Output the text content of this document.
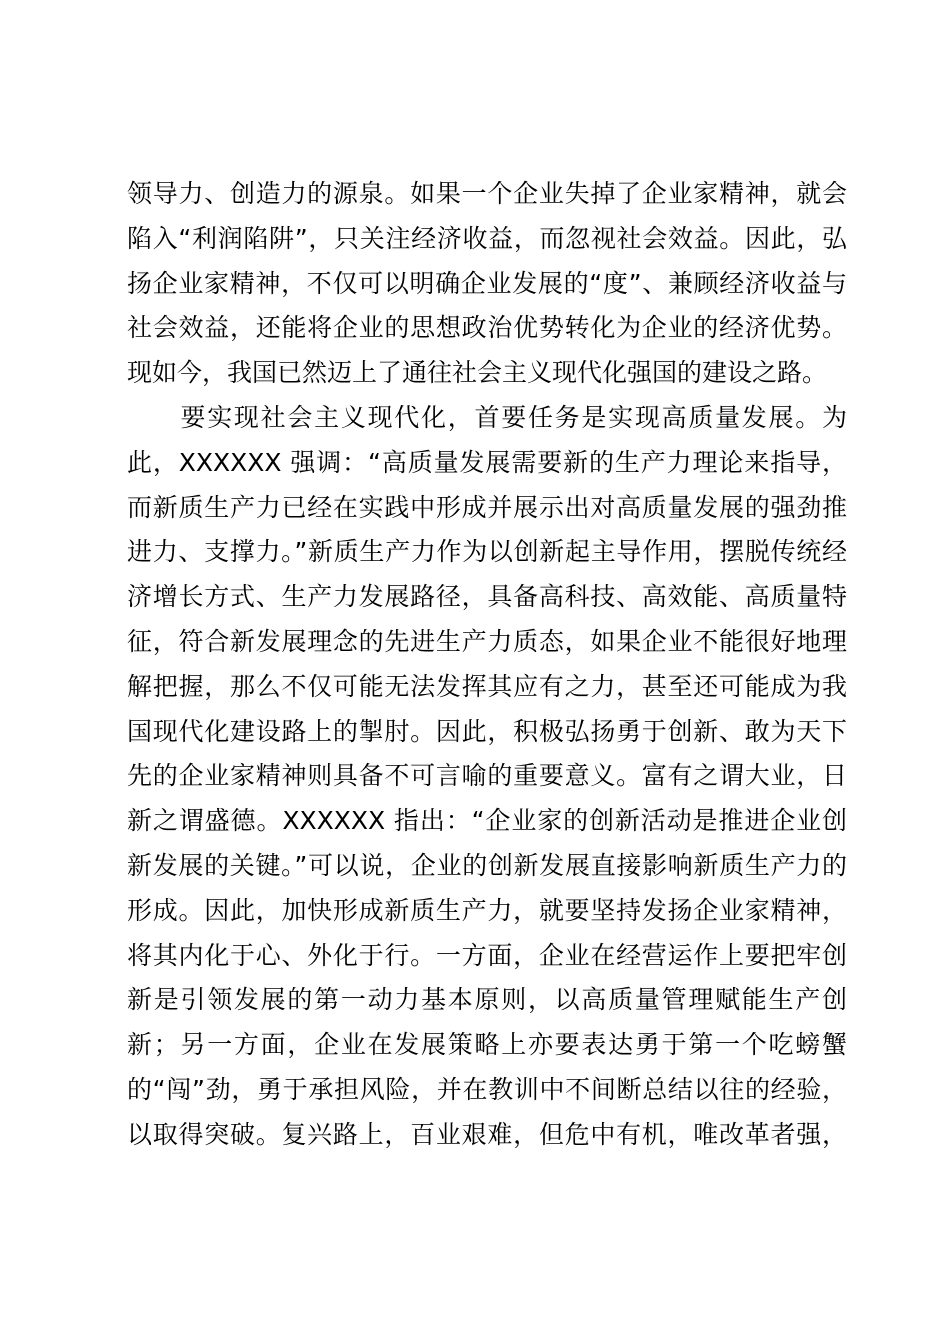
领导力、创造力的源泉。如果一个企业失掉了企业家精神，就会
陷入“利润陷阱”，只关注经济收益，而忽视社会效益。因此，弘
扬企业家精神，不仅可以明确企业发展的“度”、兼顾经济收益与
社会效益，还能将企业的思想政治优势转化为企业的经济优势。
现如今，我国已然迈上了通往社会主义现代化强国的建设之路。
　　要实现社会主义现代化，首要任务是实现高质量发展。为
此，XXXXXX 强调：“高质量发展需要新的生产力理论来指导，
而新质生产力已经在实践中形成并展示出对高质量发展的强劲推
进力、支撑力。”新质生产力作为以创新起主导作用，摆脱传统经
济增长方式、生产力发展路径，具备高科技、高效能、高质量特
征，符合新发展理念的先进生产力质态，如果企业不能很好地理
解把握，那么不仅可能无法发挥其应有之力，甚至还可能成为我
国现代化建设路上的掣肘。因此，积极弘扬勇于创新、敢为天下
先的企业家精神则具备不可言喻的重要意义。富有之谓大业，日
新之谓盛德。XXXXXX 指出：“企业家的创新活动是推进企业创
新发展的关键。”可以说，企业的创新发展直接影响新质生产力的
形成。因此，加快形成新质生产力，就要坚持发扬企业家精神，
将其内化于心、外化于行。一方面，企业在经营运作上要把牢创
新是引领发展的第一动力基本原则，以高质量管理赋能生产创
新；另一方面，企业在发展策略上亦要表达勇于第一个吃螃蟹
的“闯”劲，勇于承担风险，并在教训中不间断总结以往的经验，
以取得突破。复兴路上，百业艰难，但危中有机，唯改革者强，
